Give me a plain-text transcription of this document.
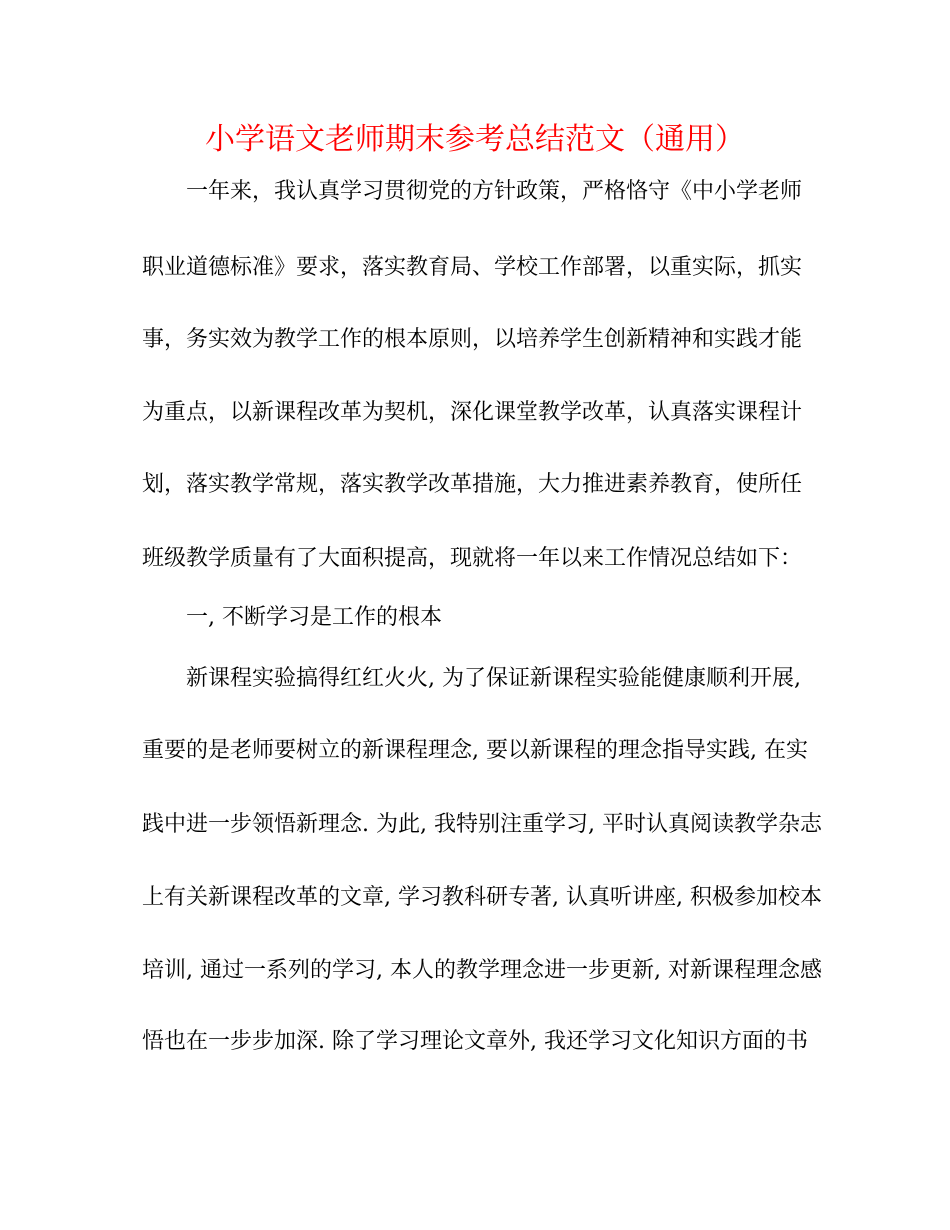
小学语文老师期末参考总结范文（通用）

一年来，我认真学习贯彻党的方针政策，严格恪守《中小学老师

职业道德标准》要求，落实教育局、学校工作部署，以重实际，抓实

事，务实效为教学工作的根本原则，以培养学生创新精神和实践才能

为重点，以新课程改革为契机，深化课堂教学改革，认真落实课程计

划，落实教学常规，落实教学改革措施，大力推进素养教育，使所任

班级教学质量有了大面积提高，现就将一年以来工作情况总结如下：

一, 不断学习是工作的根本

新课程实验搞得红红火火, 为了保证新课程实验能健康顺利开展,

重要的是老师要树立的新课程理念, 要以新课程的理念指导实践, 在实

践中进一步领悟新理念. 为此, 我特别注重学习, 平时认真阅读教学杂志

上有关新课程改革的文章, 学习教科研专著, 认真听讲座, 积极参加校本

培训, 通过一系列的学习, 本人的教学理念进一步更新, 对新课程理念感

悟也在一步步加深. 除了学习理论文章外, 我还学习文化知识方面的书
